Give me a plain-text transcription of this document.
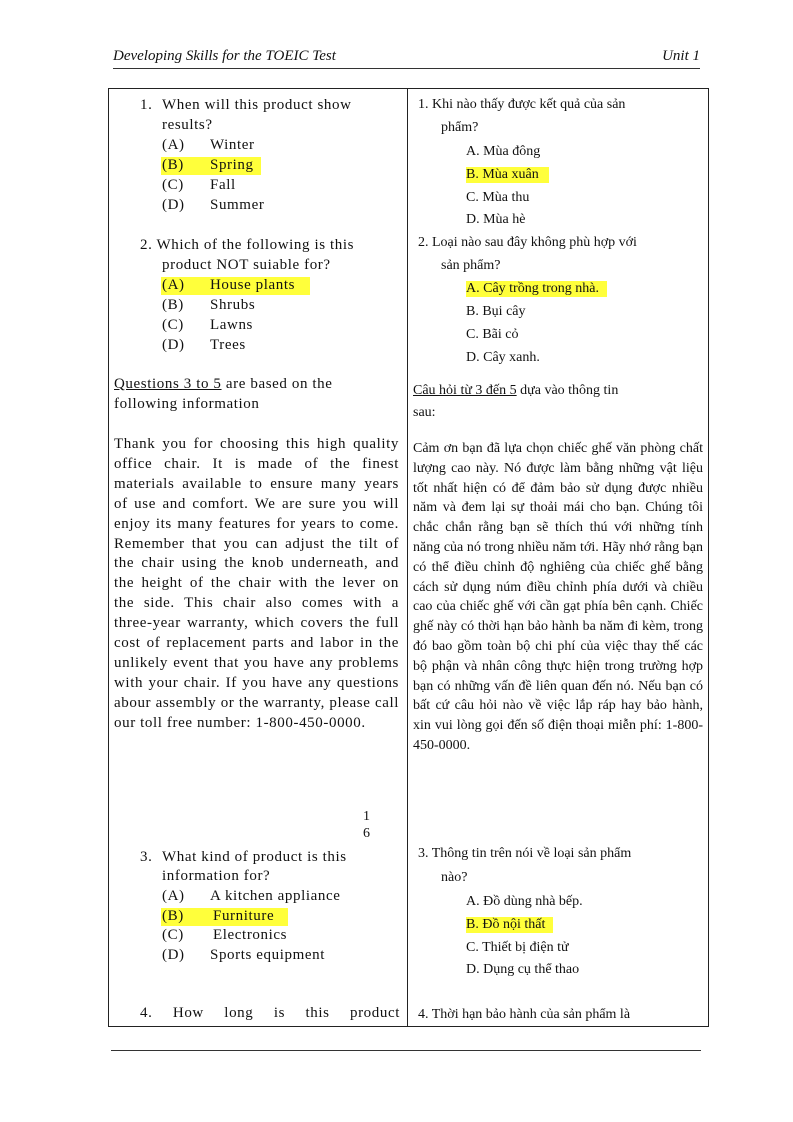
Developing Skills for the TOEIC Test	Unit 1
1. When will this product show
results?
(A) Winter
(B) Spring
(C) Fall
(D) Summer
2. Which of the following is this
product NOT suiable for?
(A) House plants
(B) Shrubs
(C) Lawns
(D) Trees
Questions 3 to 5 are based on the
following information
Thank you for choosing this high quality office chair. It is made of the finest materials available to ensure many years of use and comfort. We are sure you will enjoy its many features for years to come. Remember that you can adjust the tilt of the chair using the knob underneath, and the height of the chair with the lever on the side. This chair also comes with a three-year warranty, which covers the full cost of replacement parts and labor in the unlikely event that you have any problems with your chair. If you have any questions abour assembly or the warranty, please call our toll free number: 1-800-450-0000.
3. What kind of product is this
information for?
(A) A kitchen appliance
(B) Furniture
(C) Electronics
(D) Sports equipment
4. How long is this product
1. Khi nào thấy được kết quả của sản
phẩm?
A. Mùa đông
B. Mùa xuân
C. Mùa thu
D. Mùa hè
2. Loại nào sau đây không phù hợp với
sản phẩm?
A. Cây trồng trong nhà.
B. Bụi cây
C. Bãi cỏ
D. Cây xanh.
Câu hỏi từ 3 đến 5 dựa vào thông tin
sau:
Cảm ơn bạn đã lựa chọn chiếc ghế văn phòng chất lượng cao này. Nó được làm bằng những vật liệu tốt nhất hiện có để đảm bảo sử dụng được nhiều năm và đem lại sự thoải mái cho bạn. Chúng tôi chắc chắn rằng bạn sẽ thích thú với những tính năng của nó trong nhiều năm tới. Hãy nhớ rằng bạn có thể điều chỉnh độ nghiêng của chiếc ghế bằng cách sử dụng núm điều chỉnh phía dưới và chiều cao của chiếc ghế với cần gạt phía bên cạnh. Chiếc ghế này có thời hạn bảo hành ba năm đi kèm, trong đó bao gồm toàn bộ chi phí của việc thay thế các bộ phận và nhân công thực hiện trong trường hợp bạn có những vấn đề liên quan đến nó. Nếu bạn có bất cứ câu hỏi nào về việc lắp ráp hay bảo hành, xin vui lòng gọi đến số điện thoại miễn phí: 1-800-450-0000.
3. Thông tin trên nói về loại sản phẩm
nào?
A. Đồ dùng nhà bếp.
B. Đồ nội thất
C. Thiết bị điện tử
D. Dụng cụ thể thao
4. Thời hạn bảo hành của sản phẩm là
1
6
